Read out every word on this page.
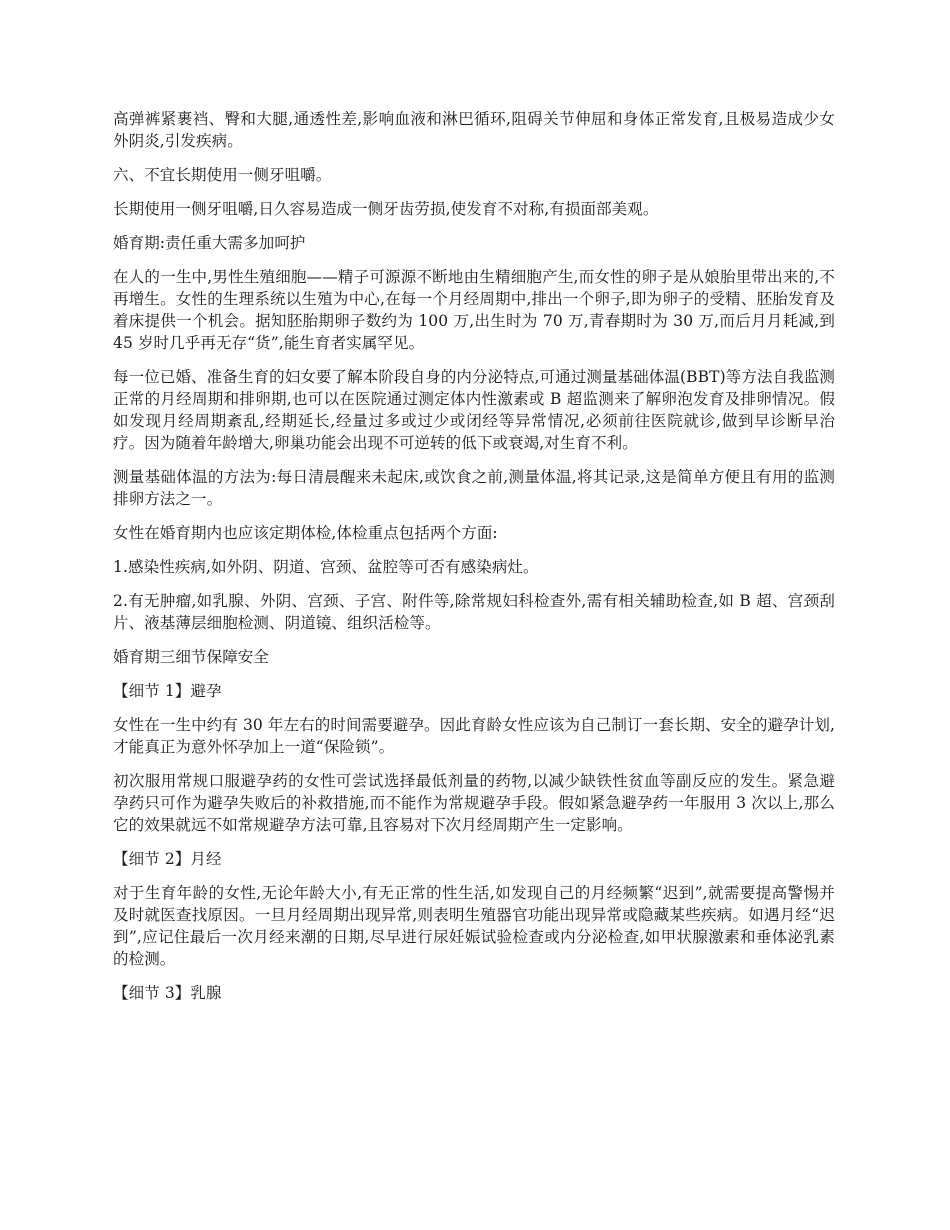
高弹裤紧裹裆、臀和大腿,通透性差,影响血液和淋巴循环,阻碍关节伸屈和身体正常发育,且极易造成少女外阴炎,引发疾病。

六、不宜长期使用一侧牙咀嚼。

长期使用一侧牙咀嚼,日久容易造成一侧牙齿劳损,使发育不对称,有损面部美观。

婚育期:责任重大需多加呵护

在人的一生中,男性生殖细胞——精子可源源不断地由生精细胞产生,而女性的卵子是从娘胎里带出来的,不再增生。女性的生理系统以生殖为中心,在每一个月经周期中,排出一个卵子,即为卵子的受精、胚胎发育及着床提供一个机会。据知胚胎期卵子数约为 100 万,出生时为 70 万,青春期时为 30 万,而后月月耗减,到 45 岁时几乎再无存“货”,能生育者实属罕见。

每一位已婚、准备生育的妇女要了解本阶段自身的内分泌特点,可通过测量基础体温(BBT)等方法自我监测正常的月经周期和排卵期,也可以在医院通过测定体内性激素或 B 超监测来了解卵泡发育及排卵情况。假如发现月经周期紊乱,经期延长,经量过多或过少或闭经等异常情况,必须前往医院就诊,做到早诊断早治疗。因为随着年龄增大,卵巢功能会出现不可逆转的低下或衰竭,对生育不利。

测量基础体温的方法为:每日清晨醒来未起床,或饮食之前,测量体温,将其记录,这是简单方便且有用的监测排卵方法之一。

女性在婚育期内也应该定期体检,体检重点包括两个方面:

1.感染性疾病,如外阴、阴道、宫颈、盆腔等可否有感染病灶。

2.有无肿瘤,如乳腺、外阴、宫颈、子宫、附件等,除常规妇科检查外,需有相关辅助检查,如 B 超、宫颈刮片、液基薄层细胞检测、阴道镜、组织活检等。

婚育期三细节保障安全

【细节 1】避孕

女性在一生中约有 30 年左右的时间需要避孕。因此育龄女性应该为自己制订一套长期、安全的避孕计划,才能真正为意外怀孕加上一道“保险锁”。

初次服用常规口服避孕药的女性可尝试选择最低剂量的药物,以减少缺铁性贫血等副反应的发生。紧急避孕药只可作为避孕失败后的补救措施,而不能作为常规避孕手段。假如紧急避孕药一年服用 3 次以上,那么它的效果就远不如常规避孕方法可靠,且容易对下次月经周期产生一定影响。

【细节 2】月经

对于生育年龄的女性,无论年龄大小,有无正常的性生活,如发现自己的月经频繁“迟到”,就需要提高警惕并及时就医查找原因。一旦月经周期出现异常,则表明生殖器官功能出现异常或隐藏某些疾病。如遇月经“迟到”,应记住最后一次月经来潮的日期,尽早进行尿妊娠试验检查或内分泌检查,如甲状腺激素和垂体泌乳素的检测。

【细节 3】乳腺
